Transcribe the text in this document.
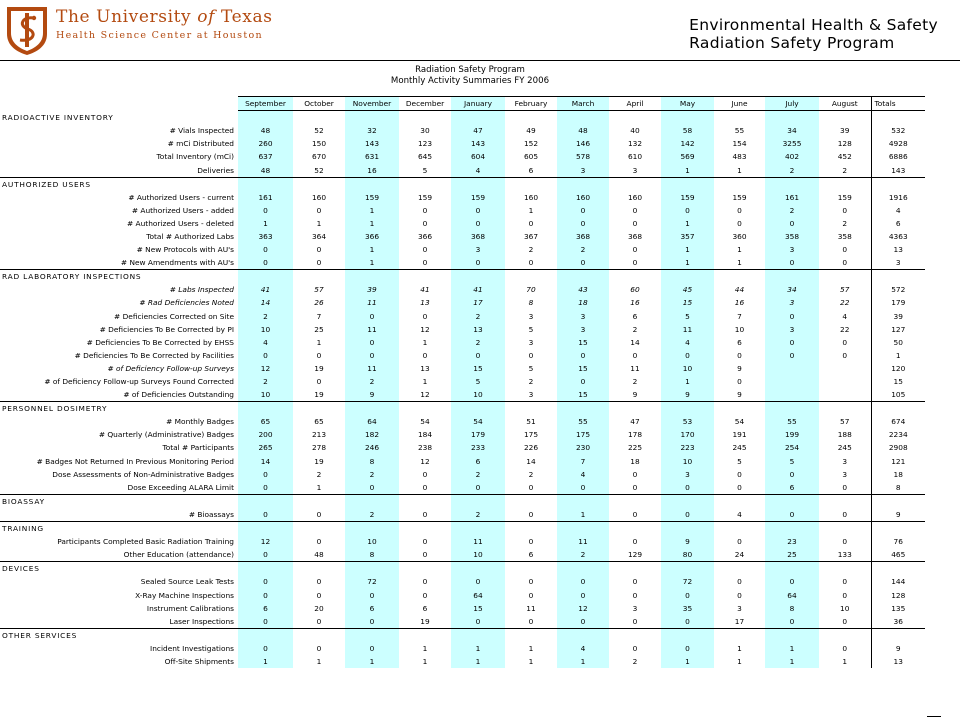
The University of Texas
Health Science Center at Houston
Environmental Health & Safety
Radiation Safety Program
Radiation Safety Program
Monthly Activity Summaries FY 2006
	September	October	November	December	January	February	March	April	May	June	July	August	Totals
RADIOACTIVE INVENTORY													
# Vials Inspected	48	52	32	30	47	49	48	40	58	55	34	39	532
# mCi Distributed	260	150	143	123	143	152	146	132	142	154	3255	128	4928
Total Inventory (mCi)	637	670	631	645	604	605	578	610	569	483	402	452	6886
Deliveries	48	52	16	5	4	6	3	3	1	1	2	2	143
AUTHORIZED USERS													
# Authorized Users - current	161	160	159	159	159	160	160	160	159	159	161	159	1916
# Authorized Users - added	0	0	1	0	0	1	0	0	0	0	2	0	4
# Authorized Users - deleted	1	1	1	0	0	0	0	0	1	0	0	2	6
Total # Authorized Labs	363	364	366	366	368	367	368	368	357	360	358	358	4363
# New Protocols with AU's	0	0	1	0	3	2	2	0	1	1	3	0	13
# New Amendments with AU's	0	0	1	0	0	0	0	0	1	1	0	0	3
RAD LABORATORY INSPECTIONS													
# Labs Inspected	41	57	39	41	41	70	43	60	45	44	34	57	572
# Rad Deficiencies Noted	14	26	11	13	17	8	18	16	15	16	3	22	179
# Deficiencies Corrected on Site	2	7	0	0	2	3	3	6	5	7	0	4	39
# Deficiencies To Be Corrected by PI	10	25	11	12	13	5	3	2	11	10	3	22	127
# Deficiencies To Be Corrected by EHSS	4	1	0	1	2	3	15	14	4	6	0	0	50
# Deficiencies To Be Corrected by Facilities	0	0	0	0	0	0	0	0	0	0	0	0	1
# of Deficiency Follow-up Surveys	12	19	11	13	15	5	15	11	10	9			120
# of Deficiency Follow-up Surveys Found Corrected	2	0	2	1	5	2	0	2	1	0			15
# of Deficiencies Outstanding	10	19	9	12	10	3	15	9	9	9			105
PERSONNEL DOSIMETRY													
# Monthly Badges	65	65	64	54	54	51	55	47	53	54	55	57	674
# Quarterly (Administrative) Badges	200	213	182	184	179	175	175	178	170	191	199	188	2234
Total # Participants	265	278	246	238	233	226	230	225	223	245	254	245	2908
# Badges Not Returned In Previous Monitoring Period	14	19	8	12	6	14	7	18	10	5	5	3	121
Dose Assessments of Non-Administrative Badges	0	2	2	0	2	2	4	0	3	0	0	3	18
Dose Exceeding ALARA Limit	0	1	0	0	0	0	0	0	0	0	6	0	8
BIOASSAY													
# Bioassays	0	0	2	0	2	0	1	0	0	4	0	0	9
TRAINING													
Participants Completed Basic Radiation Training	12	0	10	0	11	0	11	0	9	0	23	0	76
Other Education (attendance)	0	48	8	0	10	6	2	129	80	24	25	133	465
DEVICES													
Sealed Source Leak Tests	0	0	72	0	0	0	0	0	72	0	0	0	144
X-Ray Machine Inspections	0	0	0	0	64	0	0	0	0	0	64	0	128
Instrument Calibrations	6	20	6	6	15	11	12	3	35	3	8	10	135
Laser Inspections	0	0	0	19	0	0	0	0	0	17	0	0	36
OTHER SERVICES													
Incident Investigations	0	0	0	1	1	1	4	0	0	1	1	0	9
Off-Site Shipments	1	1	1	1	1	1	1	2	1	1	1	1	13
